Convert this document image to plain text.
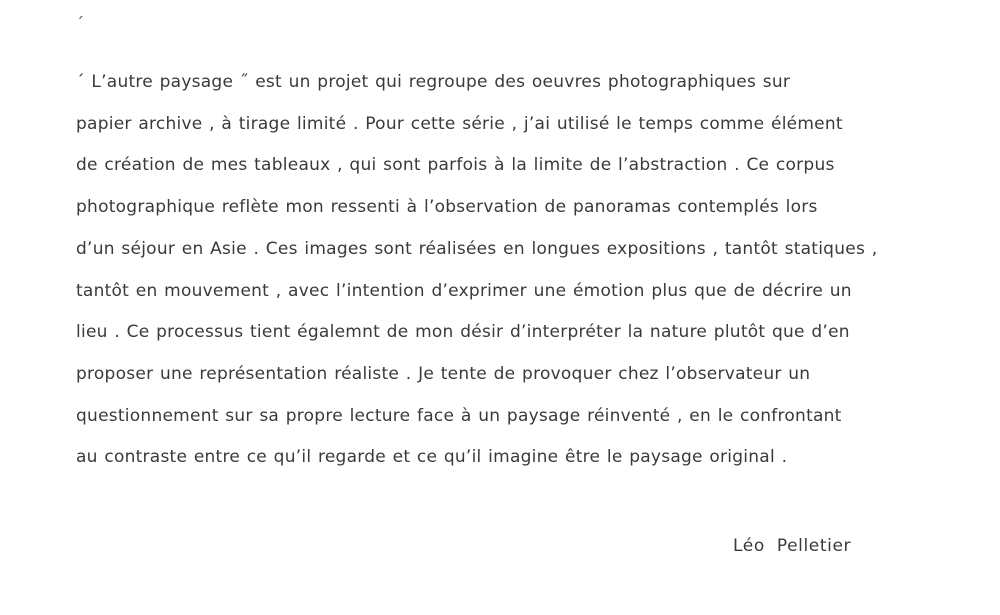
´
´ L’autre paysage ˝ est un projet qui regroupe des oeuvres photographiques sur
papier archive , à tirage limité . Pour cette série , j’ai utilisé le temps comme élément
de création de mes tableaux , qui sont parfois à la limite de l’abstraction . Ce corpus
photographique reflète mon ressenti à l’observation de panoramas contemplés lors
d’un séjour en Asie . Ces images sont réalisées en longues expositions , tantôt statiques ,
tantôt en mouvement , avec l’intention d’exprimer une émotion plus que de décrire un
lieu . Ce processus tient égalemnt de mon désir d’interpréter la nature plutôt que d’en
proposer une représentation réaliste . Je tente de provoquer chez l’observateur un
questionnement sur sa propre lecture face à un paysage réinventé , en le confrontant
au contraste entre ce qu’il regarde et ce qu’il imagine être le paysage original .
Léo  Pelletier
